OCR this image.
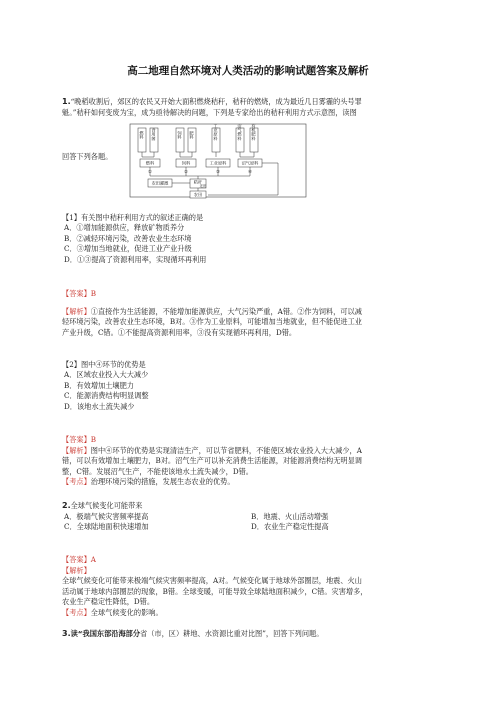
高二地理自然环境对人类活动的影响试题答案及解析
1.“晚稻收割后，郊区的农民又开始大面积燃烧秸秆，秸秆的燃烧，成为最近几日雾霾的头号罪
魁。”秸秆如何变废为宝，成为亟待解决的问题，下列是专家给出的秸秆利用方式示意图，读图
回答下列各题。
燃料 食用菌	饲料 肥料	工业原料	沼气燃料 有机肥料
燃料	饲料	工业原料	沼气原料
①	②	③	④
农田灌溉	秸秆
还田
农田
【1】有关图中秸秆利用方式的叙述正确的是
A．①增加能源供应，释放矿物质养分
B．②减轻环境污染，改善农业生态环境
C．③增加当地就业，促进工业产业升级
D．①③提高了资源利用率，实现循环再利用
【答案】B
【解析】①直接作为生活能源，不能增加能源供应，大气污染严重，A错。②作为饲料，可以减
轻环境污染，改善农业生态环境，B对。③作为工业原料，可能增加当地就业，但不能促进工业
产业升级，C错。①不能提高资源利用率，③没有实现循环再利用，D错。
【2】图中④环节的优势是
A．区域农业投入大大减少
B．有效增加土壤肥力
C．能源消费结构明显调整
D．该地水土流失减少
【答案】B
【解析】图中④环节的优势是实现清洁生产，可以节省肥料，不能使区域农业投入大大减少，A
错，可以有效增加土壤肥力，B对。沼气生产可以补充消费生活能源，对能源消费结构无明显调
整，C错。发展沼气生产，不能使该地水土流失减少，D错。
【考点】治理环境污染的措施，发展生态农业的优势。
2.全球气候变化可能带来
A．极端气候灾害频率提高	B．地震、火山活动增强
C．全球陆地面积快速增加	D．农业生产稳定性提高
【答案】A
【解析】
全球气候变化可能带来极端气候灾害频率提高，A对。气候变化属于地球外部圈层，地震、火山
活动属于地球内部圈层的现象，B错。全球变暖，可能导致全球陆地面积减少，C错。灾害增多，
农业生产稳定性降低，D错。
【考点】全球气候变化的影响。
3.读“我国东部沿海部分省（市，区）耕地、水资源比重对比图”，回答下列问题。
